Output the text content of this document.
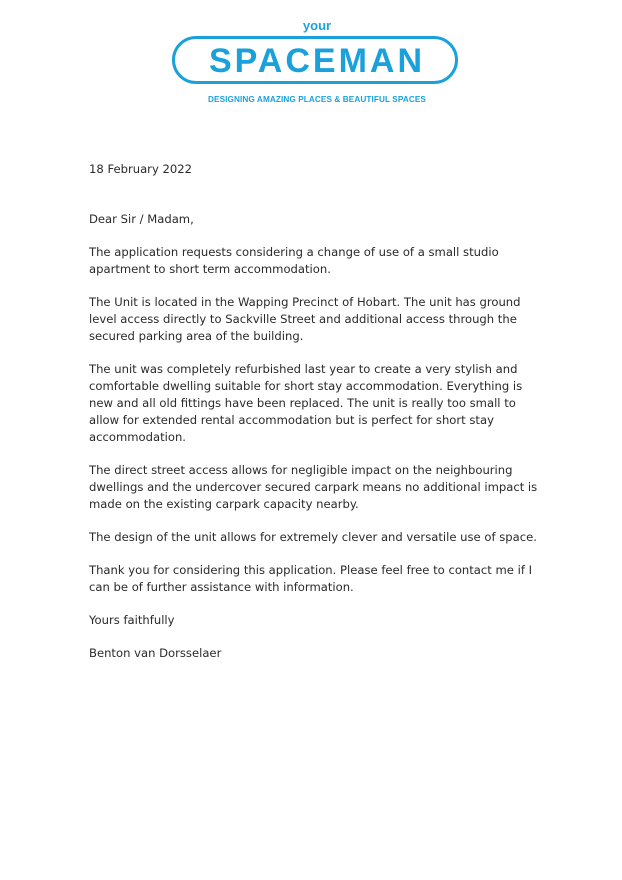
your
SPACEMAN
DESIGNING AMAZING PLACES & BEAUTIFUL SPACES

18 February 2022

Dear Sir / Madam,

The application requests considering a change of use of a small studio apartment to short term accommodation.

The Unit is located in the Wapping Precinct of Hobart. The unit has ground level access directly to Sackville Street and additional access through the secured parking area of the building.

The unit was completely refurbished last year to create a very stylish and comfortable dwelling suitable for short stay accommodation. Everything is new and all old fittings have been replaced. The unit is really too small to allow for extended rental accommodation but is perfect for short stay accommodation.

The direct street access allows for negligible impact on the neighbouring dwellings and the undercover secured carpark means no additional impact is made on the existing carpark capacity nearby.

The design of the unit allows for extremely clever and versatile use of space.

Thank you for considering this application. Please feel free to contact me if I can be of further assistance with information.

Yours faithfully

Benton van Dorsselaer
